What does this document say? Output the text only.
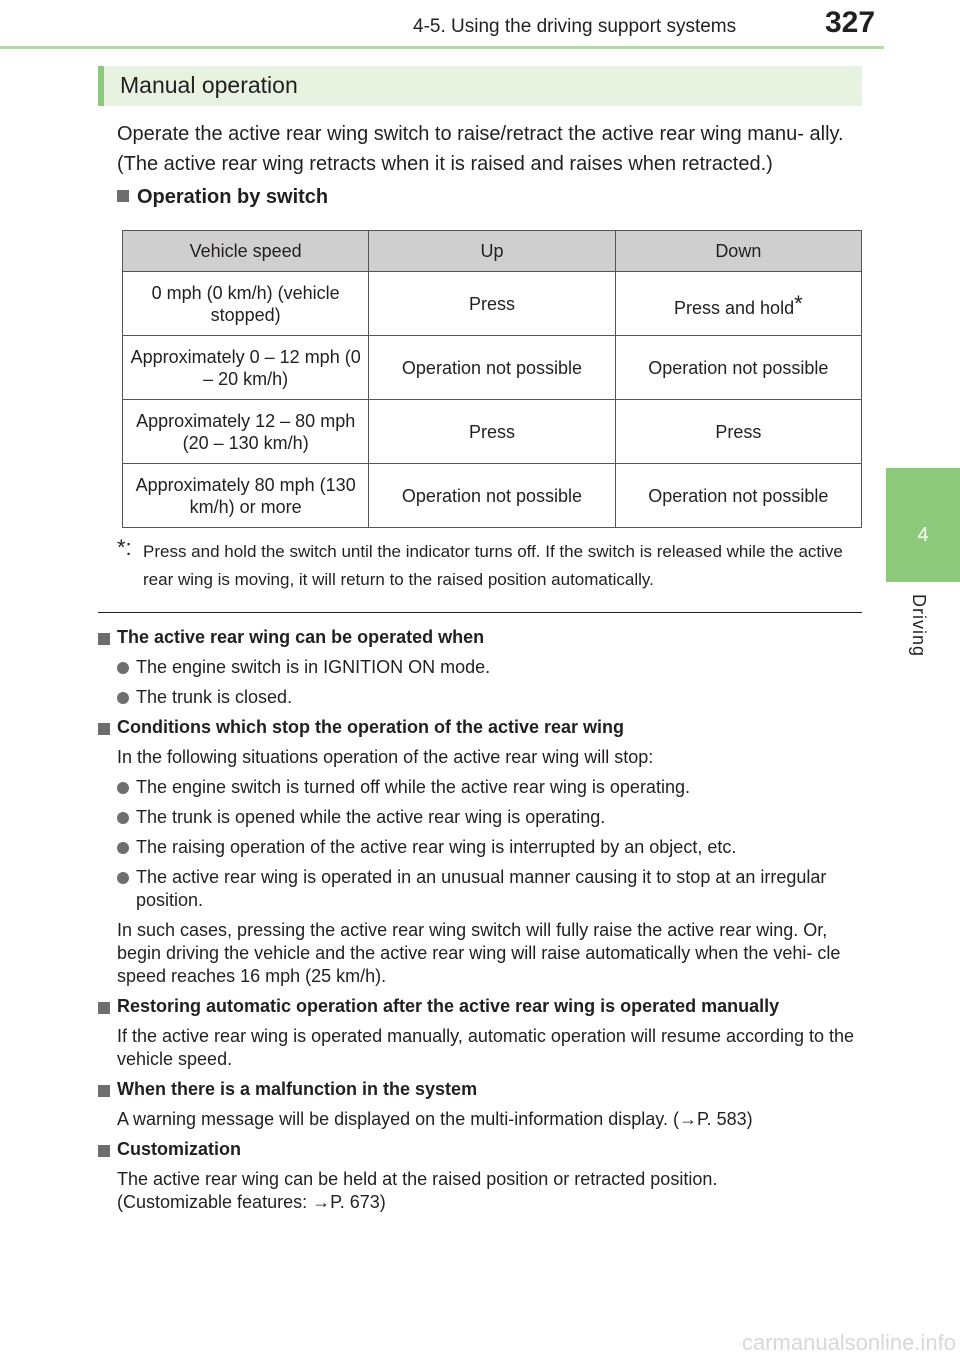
4-5. Using the driving support systems	327
4
Driving
Manual operation

Operate the active rear wing switch to raise/retract the active rear wing manu- ally. (The active rear wing retracts when it is raised and raises when retracted.)

Operation by switch
Vehicle speed	Up	Down
0 mph (0 km/h) (vehicle stopped)	Press	Press and hold*
Approximately 0 – 12 mph (0 – 20 km/h)	Operation not possible	Operation not possible
Approximately 12 – 80 mph (20 – 130 km/h)	Press	Press
Approximately 80 mph (130 km/h) or more	Operation not possible	Operation not possible
*: Press and hold the switch until the indicator turns off. If the switch is released while the active rear wing is moving, it will return to the raised position automatically.
The active rear wing can be operated when
The engine switch is in IGNITION ON mode.
The trunk is closed.
Conditions which stop the operation of the active rear wing
In the following situations operation of the active rear wing will stop:
The engine switch is turned off while the active rear wing is operating.
The trunk is opened while the active rear wing is operating.
The raising operation of the active rear wing is interrupted by an object, etc.
The active rear wing is operated in an unusual manner causing it to stop at an irregular position.
In such cases, pressing the active rear wing switch will fully raise the active rear wing. Or, begin driving the vehicle and the active rear wing will raise automatically when the vehi- cle speed reaches 16 mph (25 km/h).
Restoring automatic operation after the active rear wing is operated manually
If the active rear wing is operated manually, automatic operation will resume according to the vehicle speed.
When there is a malfunction in the system
A warning message will be displayed on the multi-information display. (→P. 583)
Customization
The active rear wing can be held at the raised position or retracted position.
(Customizable features: →P. 673)
carmanualsonline.info
